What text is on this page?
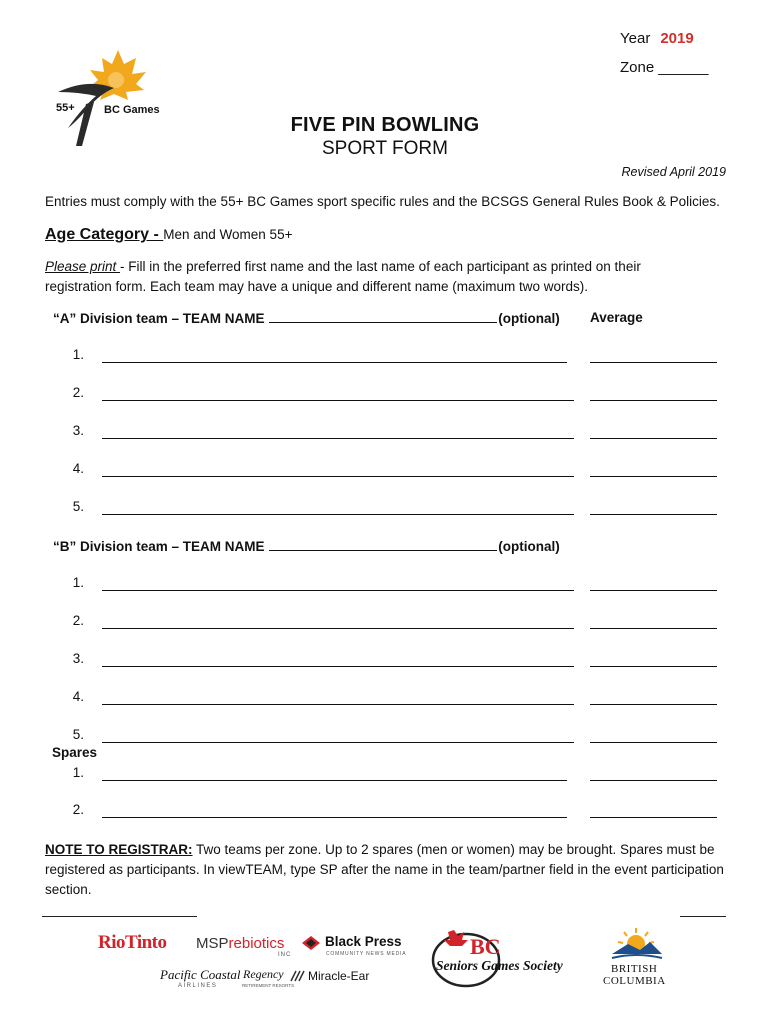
55+	BC Games
Year 2019
Zone ______
FIVE PIN BOWLING
SPORT FORM
Revised April 2019
Entries must comply with the 55+ BC Games sport specific rules and the BCSGS General Rules Book & Policies.
Age Category - Men and Women 55+
Please print - Fill in the preferred first name and the last name of each participant as printed on their
registration form. Each team may have a unique and different name (maximum two words).
“A” Division team – TEAM NAME	(optional) Average
1.
2.
3.
4.
5.
“B” Division team – TEAM NAME	(optional)
1.
2.
3.
4.
5.
Spares
1.
2.
NOTE TO REGISTRAR: Two teams per zone. Up to 2 spares (men or women) may be brought. Spares must be registered as participants. In viewTEAM, type SP after the name in the team/partner field in the event participation section.
RioTinto MSPrebiotics
INC
Black Press
COMMUNITY NEWS MEDIA
Pacific Coastal
AIRLINES
Regency
RETIREMENT RESORTS
Miracle-Ear
BC
Seniors Games Society	BRITISH
COLUMBIA
